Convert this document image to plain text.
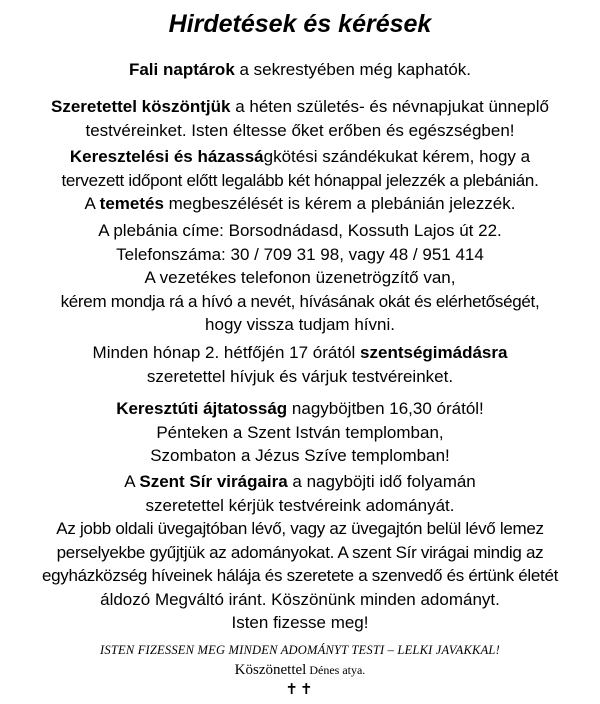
Hirdetések és kérések

Fali naptárok a sekrestyében még kaphatók.

Szeretettel köszöntjük a héten születés- és névnapjukat ünneplő

testvéreinket. Isten éltesse őket erőben és egészségben!

Keresztelési és házasságkötési szándékukat kérem, hogy a

tervezett időpont előtt legalább két hónappal jelezzék a plebánián.

A temetés megbeszélését is kérem a plebánián jelezzék.

A plebánia címe: Borsodnádasd, Kossuth Lajos út 22.

Telefonszáma: 30 / 709 31 98, vagy 48 / 951 414

A vezetékes telefonon üzenetrögzítő van,

kérem mondja rá a hívó a nevét, hívásának okát és elérhetőségét,

hogy vissza tudjam hívni.

Minden hónap 2. hétfőjén 17 órától szentségimádásra

szeretettel hívjuk és várjuk testvéreinket.

Keresztúti ájtatosság nagyböjtben 16,30 órától!

Pénteken a Szent István templomban,

Szombaton a Jézus Szíve templomban!

A Szent Sír virágaira a nagyböjti idő folyamán

szeretettel kérjük testvéreink adományát.

Az jobb oldali üvegajtóban lévő, vagy az üvegajtón belül lévő lemez

perselyekbe gyűjtjük az adományokat. A szent Sír virágai mindig az

egyházközség híveinek hálája és szeretete a szenvedő és értünk életét

áldozó Megváltó iránt. Köszönünk minden adományt.

Isten fizesse meg!

ISTEN FIZESSEN MEG MINDEN ADOMÁNYT TESTI – LELKI JAVAKKAL!
Köszönettel Dénes atya.
✝✝
